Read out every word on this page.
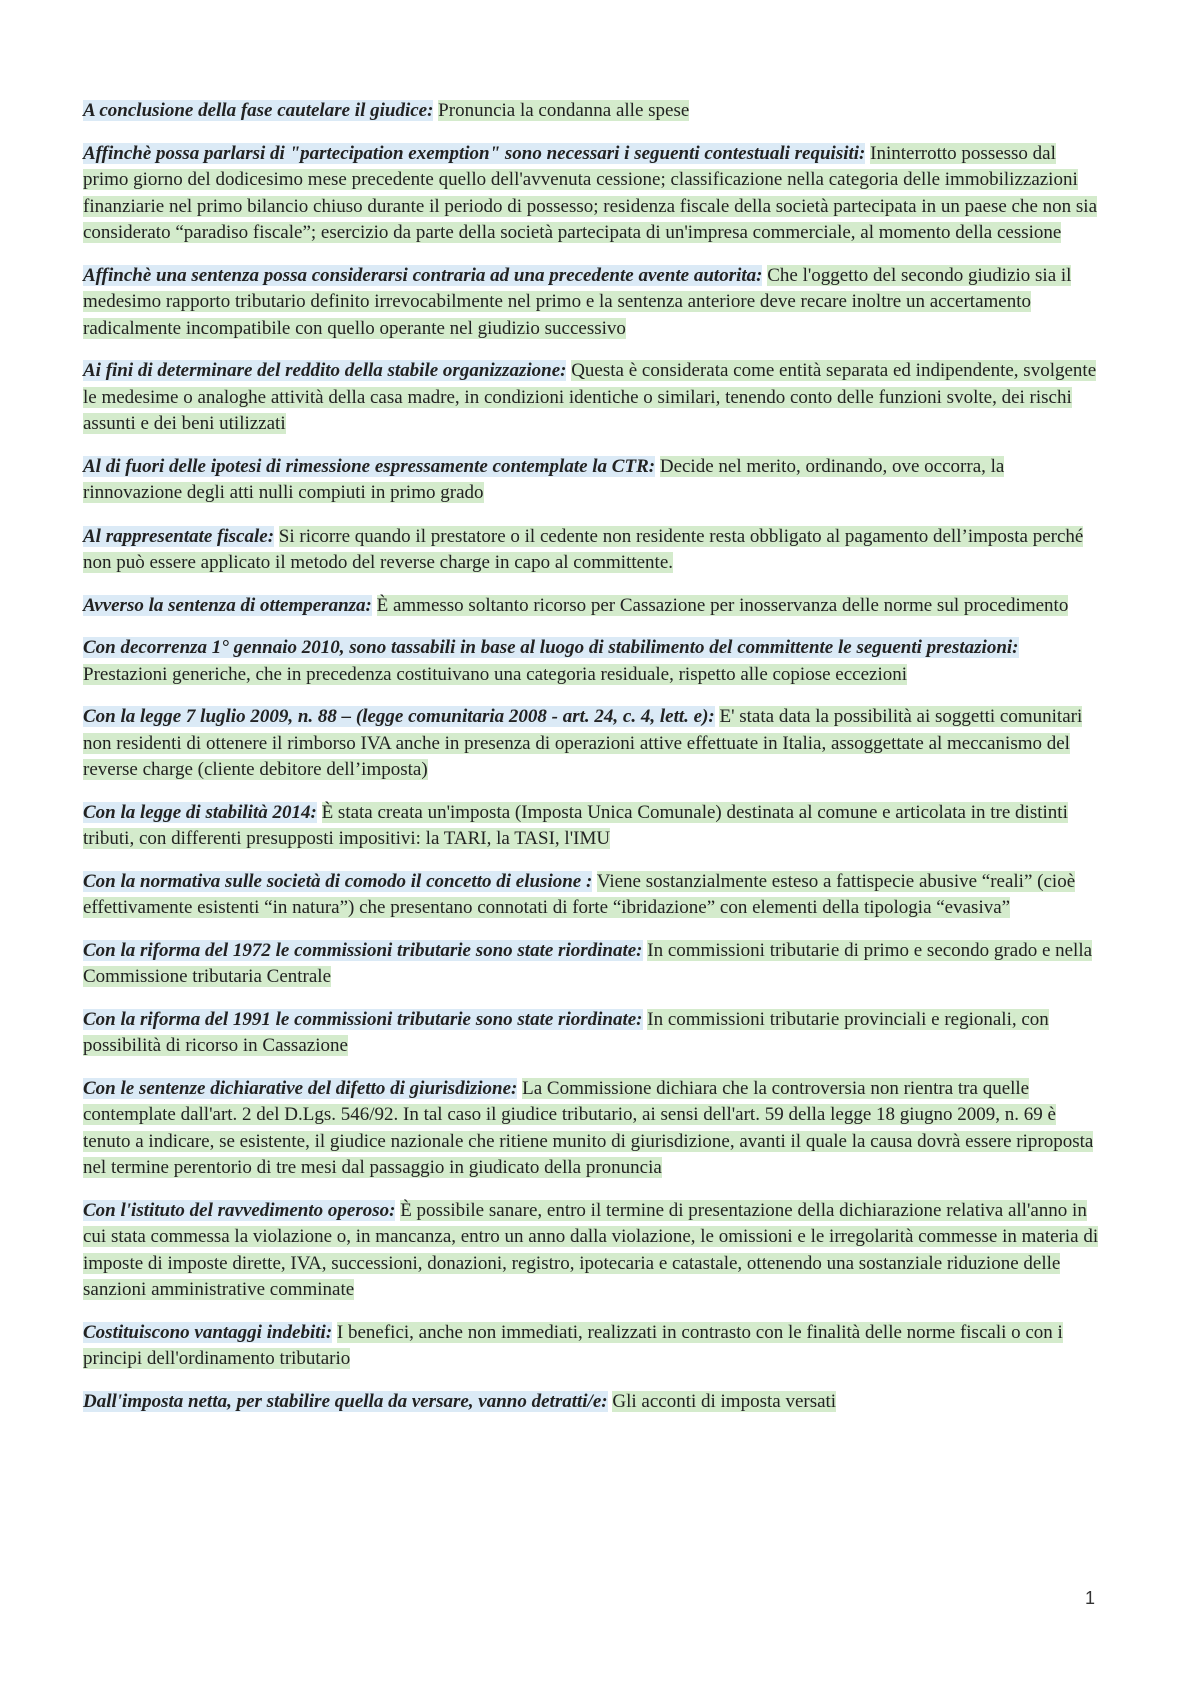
A conclusione della fase cautelare il giudice: Pronuncia la condanna alle spese

Affinchè possa parlarsi di "partecipation exemption" sono necessari i seguenti contestuali requisiti: Ininterrotto possesso dal primo giorno del dodicesimo mese precedente quello dell'avvenuta cessione; classificazione nella categoria delle immobilizzazioni finanziarie nel primo bilancio chiuso durante il periodo di possesso; residenza fiscale della società partecipata in un paese che non sia considerato “paradiso fiscale”; esercizio da parte della società partecipata di un'impresa commerciale, al momento della cessione

Affinchè una sentenza possa considerarsi contraria ad una precedente avente autorita: Che l'oggetto del secondo giudizio sia il medesimo rapporto tributario definito irrevocabilmente nel primo e la sentenza anteriore deve recare inoltre un accertamento radicalmente incompatibile con quello operante nel giudizio successivo

Ai fini di determinare del reddito della stabile organizzazione: Questa è considerata come entità separata ed indipendente, svolgente le medesime o analoghe attività della casa madre, in condizioni identiche o similari, tenendo conto delle funzioni svolte, dei rischi assunti e dei beni utilizzati

Al di fuori delle ipotesi di rimessione espressamente contemplate la CTR: Decide nel merito, ordinando, ove occorra, la rinnovazione degli atti nulli compiuti in primo grado

Al rappresentate fiscale: Si ricorre quando il prestatore o il cedente non residente resta obbligato al pagamento dell’imposta perché non può essere applicato il metodo del reverse charge in capo al committente.

Avverso la sentenza di ottemperanza: È ammesso soltanto ricorso per Cassazione per inosservanza delle norme sul procedimento

Con decorrenza 1° gennaio 2010, sono tassabili in base al luogo di stabilimento del committente le seguenti prestazioni: Prestazioni generiche, che in precedenza costituivano una categoria residuale, rispetto alle copiose eccezioni

Con la legge 7 luglio 2009, n. 88 – (legge comunitaria 2008 - art. 24, c. 4, lett. e): E' stata data la possibilità ai soggetti comunitari non residenti di ottenere il rimborso IVA anche in presenza di operazioni attive effettuate in Italia, assoggettate al meccanismo del reverse charge (cliente debitore dell’imposta)

Con la legge di stabilità 2014: È stata creata un'imposta (Imposta Unica Comunale) destinata al comune e articolata in tre distinti tributi, con differenti presupposti impositivi: la TARI, la TASI, l'IMU

Con la normativa sulle società di comodo il concetto di elusione : Viene sostanzialmente esteso a fattispecie abusive “reali” (cioè effettivamente esistenti “in natura”) che presentano connotati di forte “ibridazione” con elementi della tipologia “evasiva”

Con la riforma del 1972 le commissioni tributarie sono state riordinate: In commissioni tributarie di primo e secondo grado e nella Commissione tributaria Centrale

Con la riforma del 1991 le commissioni tributarie sono state riordinate: In commissioni tributarie provinciali e regionali, con possibilità di ricorso in Cassazione

Con le sentenze dichiarative del difetto di giurisdizione: La Commissione dichiara che la controversia non rientra tra quelle contemplate dall'art. 2 del D.Lgs. 546/92. In tal caso il giudice tributario, ai sensi dell'art. 59 della legge 18 giugno 2009, n. 69 è tenuto a indicare, se esistente, il giudice nazionale che ritiene munito di giurisdizione, avanti il quale la causa dovrà essere riproposta nel termine perentorio di tre mesi dal passaggio in giudicato della pronuncia

Con l'istituto del ravvedimento operoso: È possibile sanare, entro il termine di presentazione della dichiarazione relativa all'anno in cui stata commessa la violazione o, in mancanza, entro un anno dalla violazione, le omissioni e le irregolarità commesse in materia di imposte di imposte dirette, IVA, successioni, donazioni, registro, ipotecaria e catastale, ottenendo una sostanziale riduzione delle sanzioni amministrative comminate

Costituiscono vantaggi indebiti: I benefici, anche non immediati, realizzati in contrasto con le finalità delle norme fiscali o con i principi dell'ordinamento tributario

Dall'imposta netta, per stabilire quella da versare, vanno detratti/e: Gli acconti di imposta versati

1
